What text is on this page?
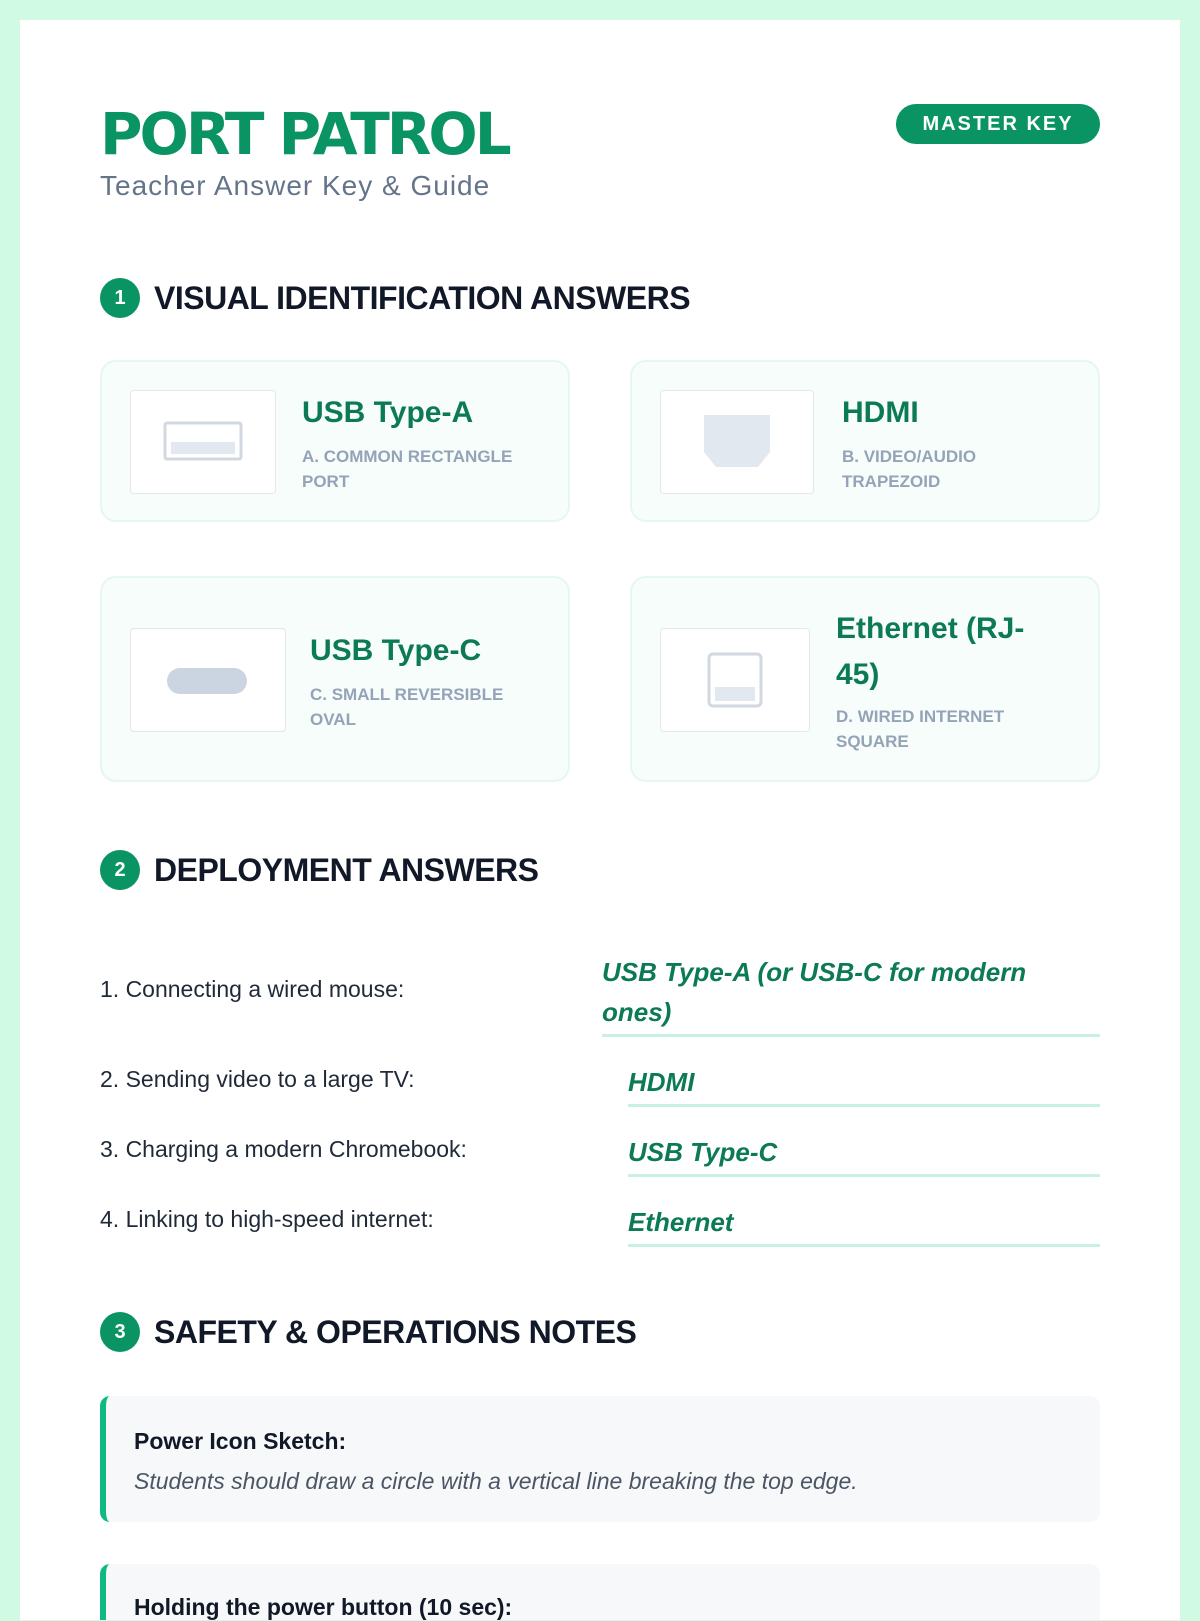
PORT PATROL
Teacher Answer Key & Guide
MASTER KEY
1 VISUAL IDENTIFICATION ANSWERS
USB Type-A
A. COMMON RECTANGLE
PORT
HDMI
B. VIDEO/AUDIO
TRAPEZOID
USB Type-C
C. SMALL REVERSIBLE
OVAL
Ethernet (RJ-
45)
D. WIRED INTERNET
SQUARE
2 DEPLOYMENT ANSWERS
1. Connecting a wired mouse:
USB Type-A (or USB-C for modern
ones)
2. Sending video to a large TV:	HDMI
3. Charging a modern Chromebook:	USB Type-C
4. Linking to high-speed internet:	Ethernet
3 SAFETY & OPERATIONS NOTES
Power Icon Sketch:
Students should draw a circle with a vertical line breaking the top edge.
Holding the power button (10 sec):
